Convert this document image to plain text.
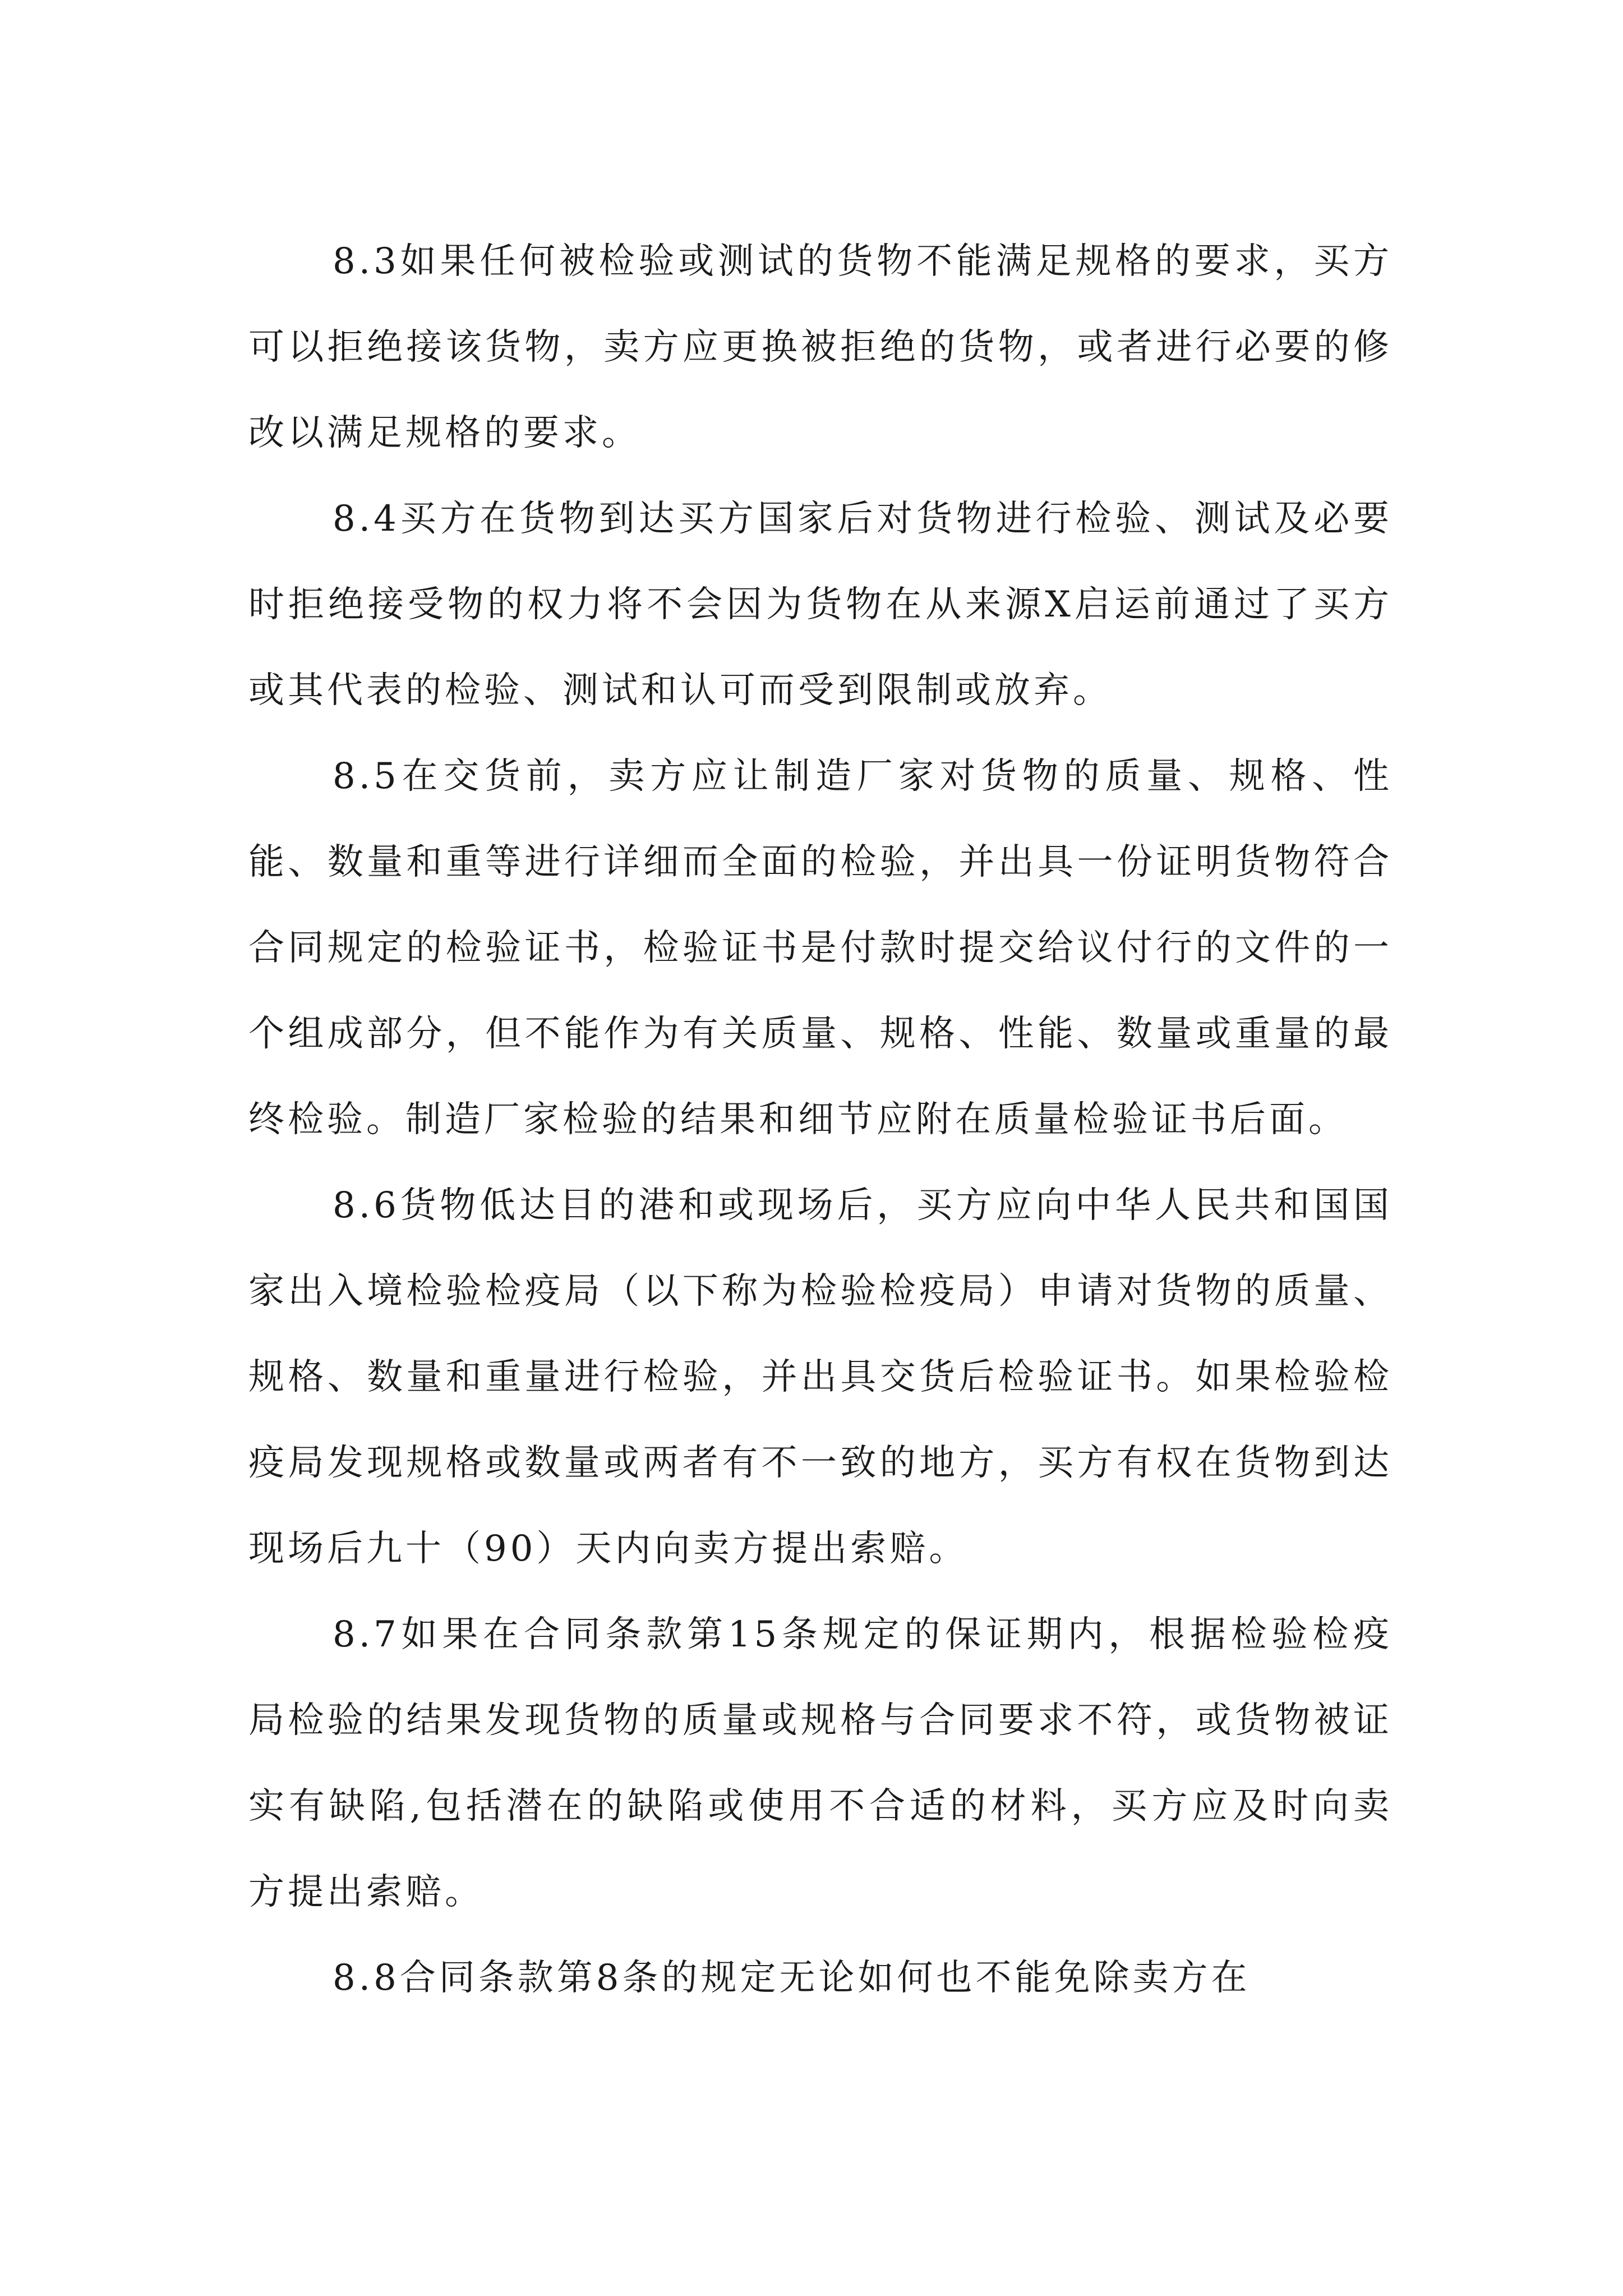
8.3如果任何被检验或测试的货物不能满足规格的要求，买方可以拒绝接该货物，卖方应更换被拒绝的货物，或者进行必要的修改以满足规格的要求。

8.4买方在货物到达买方国家后对货物进行检验、测试及必要时拒绝接受物的权力将不会因为货物在从来源X启运前通过了买方或其代表的检验、测试和认可而受到限制或放弃。

8.5在交货前，卖方应让制造厂家对货物的质量、规格、性能、数量和重等进行详细而全面的检验，并出具一份证明货物符合合同规定的检验证书，检验证书是付款时提交给议付行的文件的一个组成部分，但不能作为有关质量、规格、性能、数量或重量的最终检验。制造厂家检验的结果和细节应附在质量检验证书后面。

8.6货物低达目的港和或现场后，买方应向中华人民共和国国家出入境检验检疫局（以下称为检验检疫局）申请对货物的质量、规格、数量和重量进行检验，并出具交货后检验证书。如果检验检疫局发现规格或数量或两者有不一致的地方，买方有权在货物到达现场后九十（90）天内向卖方提出索赔。

8.7如果在合同条款第15条规定的保证期内，根据检验检疫局检验的结果发现货物的质量或规格与合同要求不符，或货物被证实有缺陷,包括潜在的缺陷或使用不合适的材料，买方应及时向卖方提出索赔。

8.8合同条款第8条的规定无论如何也不能免除卖方在
